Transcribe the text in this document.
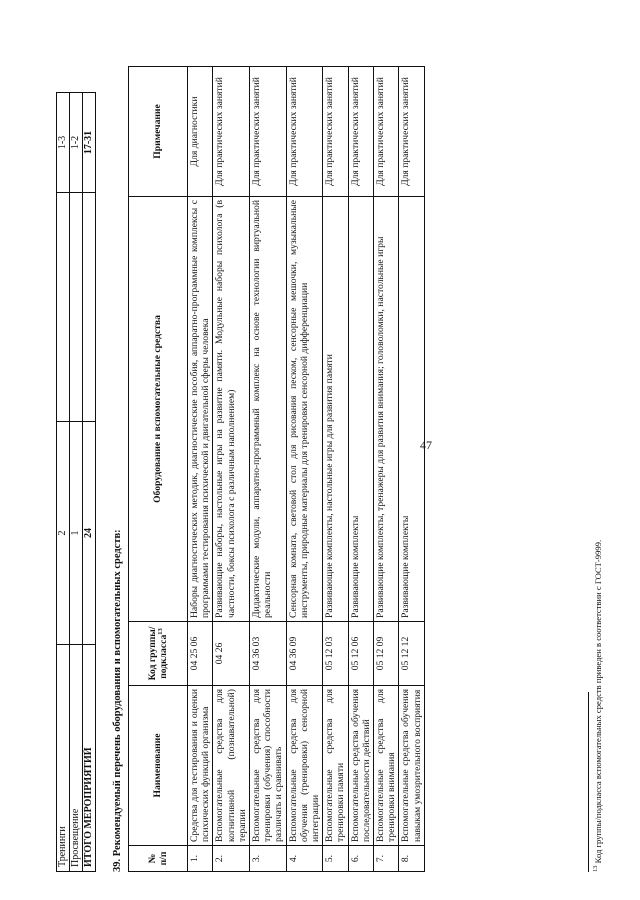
47
Тренинги	2		1-3
Просвещение	1		1-2
ИТОГО МЕРОПРИЯТИЙ	24		17-31
39. Рекомендуемый перечень оборудования и вспомогательных средств: № п/п	Наименование	Код группы/подкласса$^{13}$	Оборудование и вспомогательные средства	Примечание
1.	Средства для тестирования и оценки психических функций организма	04 25 06	Наборы диагностических методик, диагностические пособия, аппаратно-программные комплексы с программами тестирования психической и двигательной сферы человека	Для диагностики
2.	Вспомогательные средства для когнитивной (познавательной) терапии	04 26	Развивающие наборы, настольные игры на развитие памяти. Модульные наборы психолога (в частности, боксы психолога с различным наполнением)	Для практических занятий
3.	Вспомогательные средства для тренировки (обучения) способности различать и сравнивать	04 36 03	Дидактические модули, аппаратно-программный комплекс на основе технологии виртуальной реальности	Для практических занятий
4.	Вспомогательные средства для обучения (тренировки) сенсорной интеграции	04 36 09	Сенсорная комната, световой стол для рисования песком, сенсорные мешочки, музыкальные инструменты, природные материалы для тренировки сенсорной дифференциации	Для практических занятий
5.	Вспомогательные средства для тренировки памяти	05 12 03	Развивающие комплекты, настольные игры для развития памяти	Для практических занятий
6.	Вспомогательные средства обучения последовательности действий	05 12 06	Развивающие комплекты	Для практических занятий
7.	Вспомогательные средства для тренировки внимания	05 12 09	Развивающие комплекты, тренажеры для развития внимания; головоломки, настольные игры	Для практических занятий
8.	Вспомогательные средства обучения навыкам умозрительного восприятия	05 12 12	Развивающие комплекты	Для практических занятий
$^{13}$ Код группы/подкласса вспомогательных средств приведен в соответствии с ГОСТ-9999.
